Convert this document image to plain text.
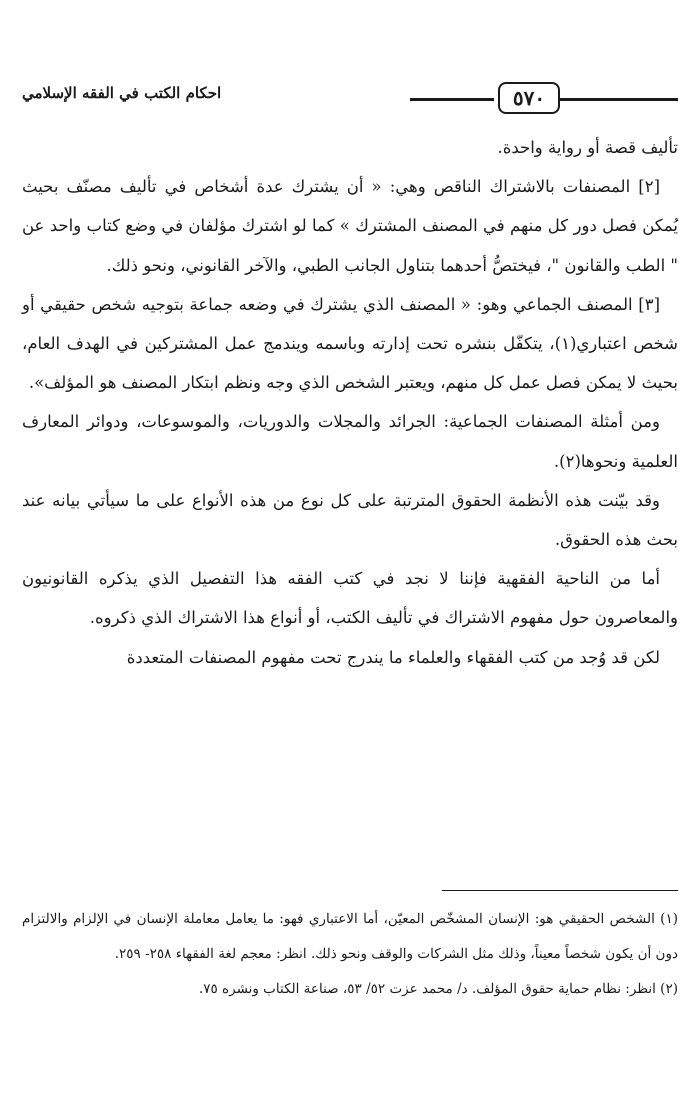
٥٧٠
احكام الكتب في الفقه الإسلامي

تأليف قصة أو رواية واحدة.

[٢] المصنفات بالاشتراك الناقص وهي: « أن يشترك عدة أشخاص في تأليف مصنّف بحيث يُمكن فصل دور كل منهم في المصنف المشترك » كما لو اشترك مؤلفان في وضع كتاب واحد عن " الطب والقانون "، فيختصُّ أحدهما بتناول الجانب الطبي، والآخر القانوني، ونحو ذلك.

[٣] المصنف الجماعي وهو: « المصنف الذي يشترك في وضعه جماعة بتوجيه شخص حقيقي أو شخص اعتباري(١)، يتكفّل بنشره تحت إدارته وباسمه ويندمج عمل المشتركين في الهدف العام، بحيث لا يمكن فصل عمل كل منهم، ويعتبر الشخص الذي وجه ونظم ابتكار المصنف هو المؤلف».

ومن أمثلة المصنفات الجماعية: الجرائد والمجلات والدوريات، والموسوعات، ودوائر المعارف العلمية ونحوها(٢).

وقد بيّنت هذه الأنظمة الحقوق المترتبة على كل نوع من هذه الأنواع على ما سيأتي بيانه عند بحث هذه الحقوق.

أما من الناحية الفقهية فإننا لا نجد في كتب الفقه هذا التفصيل الذي يذكره القانونيون والمعاصرون حول مفهوم الاشتراك في تأليف الكتب، أو أنواع هذا الاشتراك الذي ذكروه.

لكن قد وُجد من كتب الفقهاء والعلماء ما يندرج تحت مفهوم المصنفات المتعددة

(١) الشخص الحقيقي هو: الإنسان المشخّص المعيّن، أما الاعتباري فهو: ما يعامل معاملة الإنسان في الإلزام والالتزام دون أن يكون شخصاً معيناً، وذلك مثل الشركات والوقف ونحو ذلك. انظر: معجم لغة الفقهاء ٢٥٨- ٢٥٩.

(٢) انظر: نظام حماية حقوق المؤلف. د/ محمد عزت ٥٢/ ٥٣، صناعة الكتاب ونشره ٧٥.
